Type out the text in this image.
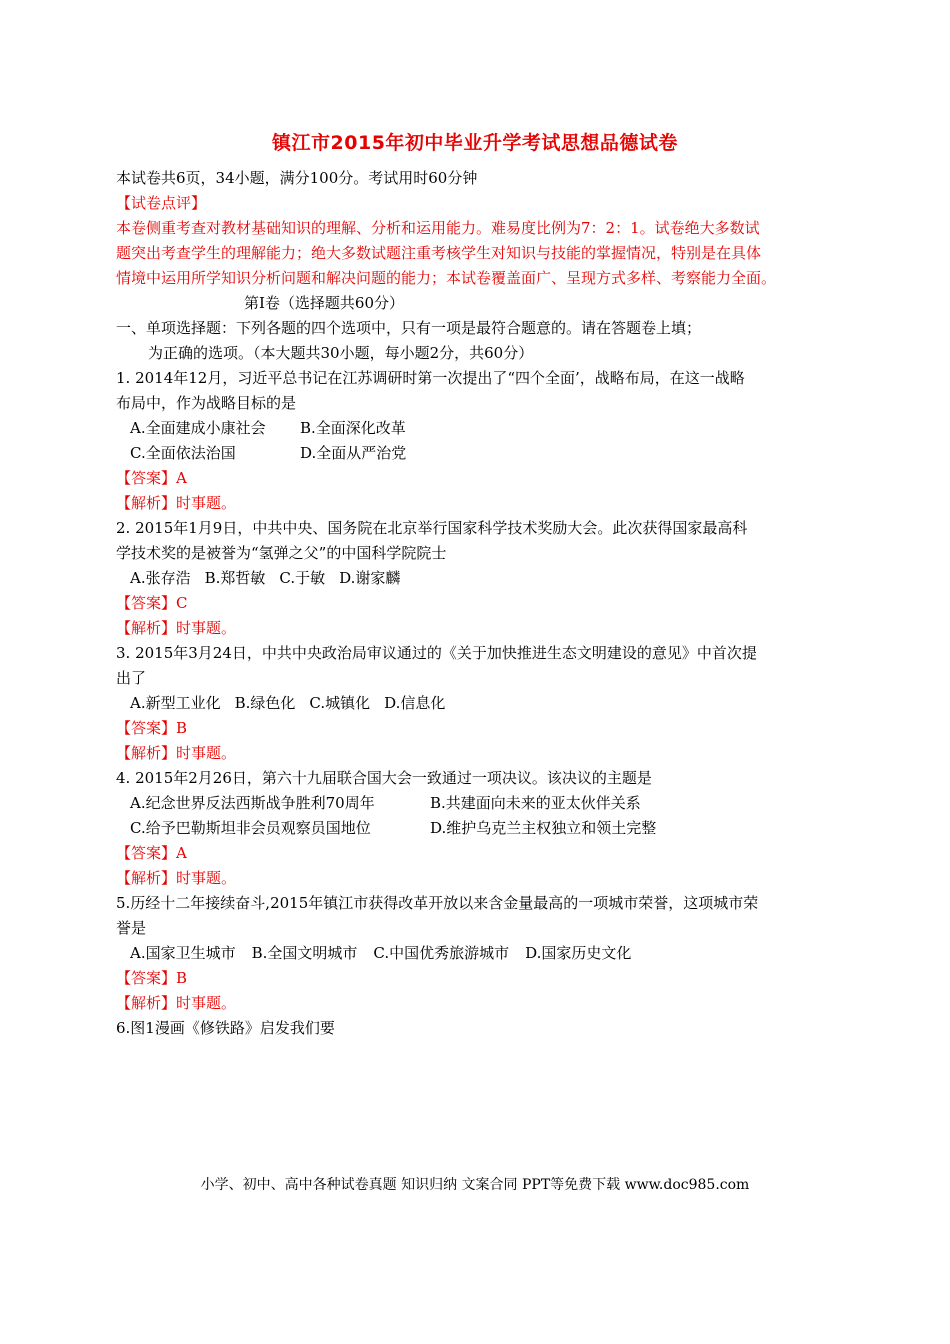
镇江市2015年初中毕业升学考试思想品德试卷
本试卷共6页，34小题，满分100分。考试用时60分钟
【试卷点评】
本卷侧重考查对教材基础知识的理解、分析和运用能力。难易度比例为7：2：1。试卷绝大多数试
题突出考查学生的理解能力；绝大多数试题注重考核学生对知识与技能的掌握情况，特别是在具体
情境中运用所学知识分析问题和解决问题的能力；本试卷覆盖面广、呈现方式多样、考察能力全面。
第Ⅰ卷（选择题共60分）
一、单项选择题：下列各题的四个选项中，只有一项是最符合题意的。请在答题卷上填；
为正确的选项。（本大题共30小题，每小题2分，共60分）
1. 2014年12月，习近平总书记在江苏调研时第一次提出了“四个全面’，战略布局，在这一战略
布局中，作为战略目标的是
A.全面建成小康社会 B.全面深化改革
C.全面依法治国	D.全面从严治党
【答案】A
【解析】时事题。
2. 2015年1月9日，中共中央、国务院在北京举行国家科学技术奖励大会。此次获得国家最高科
学技术奖的是被誉为“氢弹之父”的中国科学院院士
A.张存浩 B.郑哲敏 C.于敏 D.谢家麟
【答案】C
【解析】时事题。
3. 2015年3月24日，中共中央政治局审议通过的《关于加快推进生态文明建设的意见》中首次提
出了
A.新型工业化 B.绿色化 C.城镇化 D.信息化
【答案】B
【解析】时事题。
4. 2015年2月26日，第六十九届联合国大会一致通过一项决议。该决议的主题是
A.纪念世界反法西斯战争胜利70周年	B.共建面向未来的亚太伙伴关系
C.给予巴勒斯坦非会员观察员国地位	D.维护乌克兰主权独立和领土完整
【答案】A
【解析】时事题。
5.历经十二年接续奋斗,2015年镇江市获得改革开放以来含金量最高的一项城市荣誉，这项城市荣
誉是
A.国家卫生城市 B.全国文明城市 C.中国优秀旅游城市 D.国家历史文化
【答案】B
【解析】时事题。
6.图1漫画《修铁路》启发我们要
小学、初中、高中各种试卷真题 知识归纳 文案合同 PPT等免费下载 www.doc985.com
